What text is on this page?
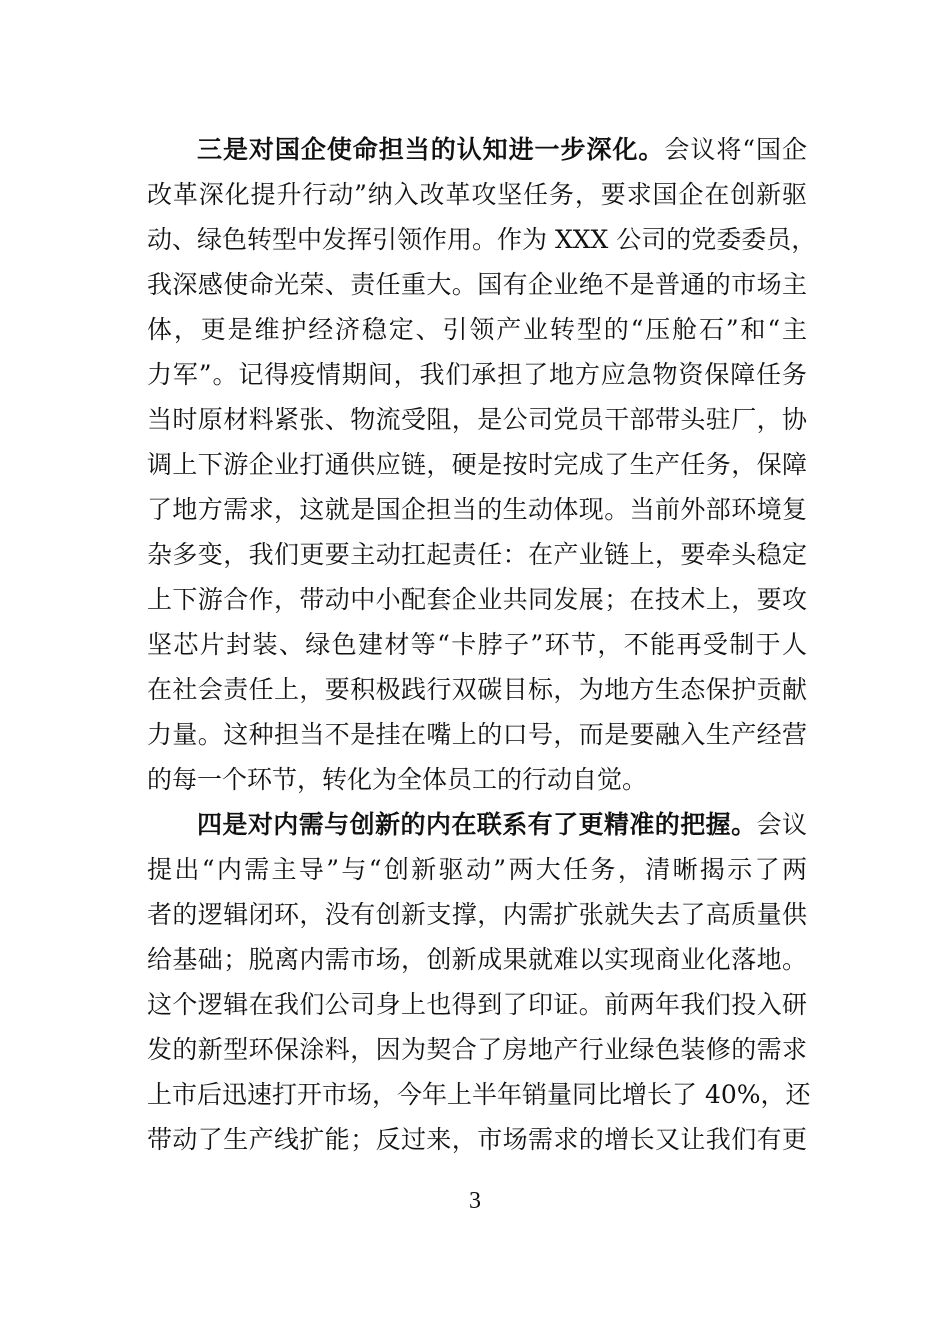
三是对国企使命担当的认知进一步深化。会议将“国企
改革深化提升行动”纳入改革攻坚任务，要求国企在创新驱
动、绿色转型中发挥引领作用。作为 XXX 公司的党委委员，
我深感使命光荣、责任重大。国有企业绝不是普通的市场主
体，更是维护经济稳定、引领产业转型的“压舱石”和“主
力军”。记得疫情期间，我们承担了地方应急物资保障任务
当时原材料紧张、物流受阻，是公司党员干部带头驻厂，协
调上下游企业打通供应链，硬是按时完成了生产任务，保障
了地方需求，这就是国企担当的生动体现。当前外部环境复
杂多变，我们更要主动扛起责任：在产业链上，要牵头稳定
上下游合作，带动中小配套企业共同发展；在技术上，要攻
坚芯片封装、绿色建材等“卡脖子”环节，不能再受制于人
在社会责任上，要积极践行双碳目标，为地方生态保护贡献
力量。这种担当不是挂在嘴上的口号，而是要融入生产经营
的每一个环节，转化为全体员工的行动自觉。
四是对内需与创新的内在联系有了更精准的把握。会议
提出“内需主导”与“创新驱动”两大任务，清晰揭示了两
者的逻辑闭环，没有创新支撑，内需扩张就失去了高质量供
给基础；脱离内需市场，创新成果就难以实现商业化落地。
这个逻辑在我们公司身上也得到了印证。前两年我们投入研
发的新型环保涂料，因为契合了房地产行业绿色装修的需求
上市后迅速打开市场，今年上半年销量同比增长了 40%，还
带动了生产线扩能；反过来，市场需求的增长又让我们有更
3
